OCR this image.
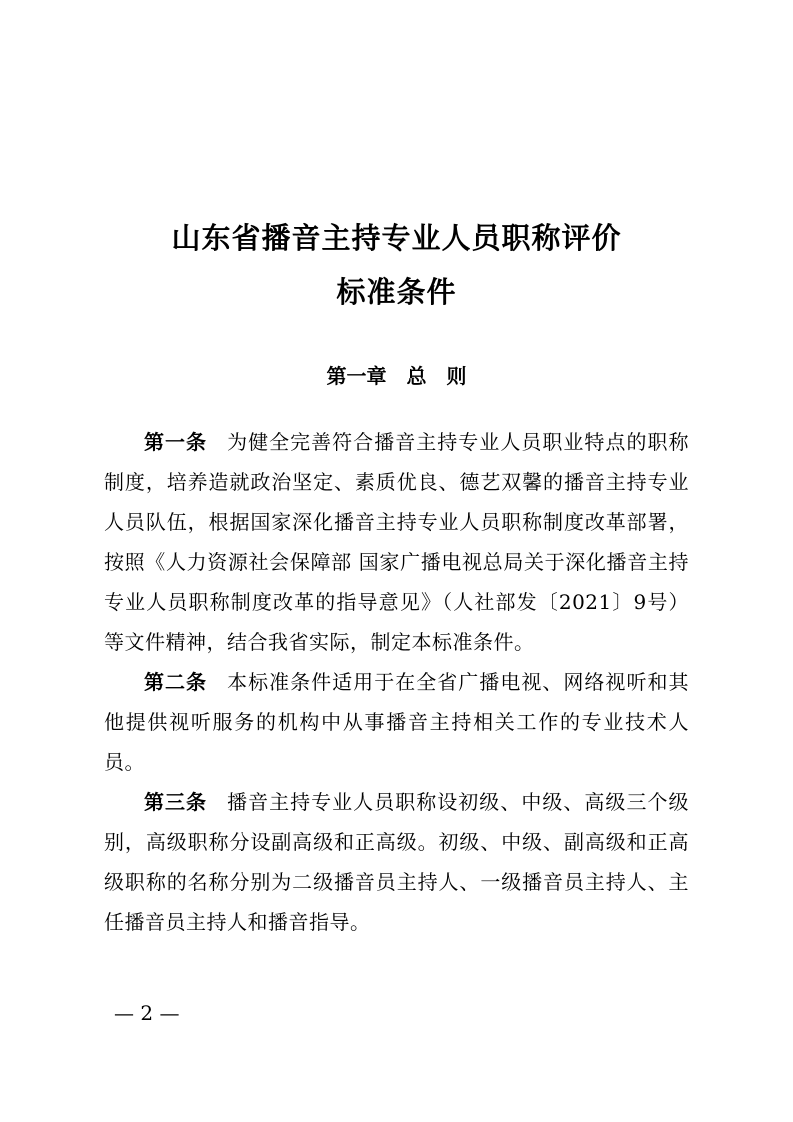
山东省播音主持专业人员职称评价
标准条件
第一章　总　则

第一条 为健全完善符合播音主持专业人员职业特点的职称制度，培养造就政治坚定、素质优良、德艺双馨的播音主持专业人员队伍，根据国家深化播音主持专业人员职称制度改革部署，按照《人力资源社会保障部 国家广播电视总局关于深化播音主持专业人员职称制度改革的指导意见》（人社部发〔2021〕9号）等文件精神，结合我省实际，制定本标准条件。

第二条 本标准条件适用于在全省广播电视、网络视听和其他提供视听服务的机构中从事播音主持相关工作的专业技术人员。

第三条 播音主持专业人员职称设初级、中级、高级三个级别，高级职称分设副高级和正高级。初级、中级、副高级和正高级职称的名称分别为二级播音员主持人、一级播音员主持人、主任播音员主持人和播音指导。

— 2 —
